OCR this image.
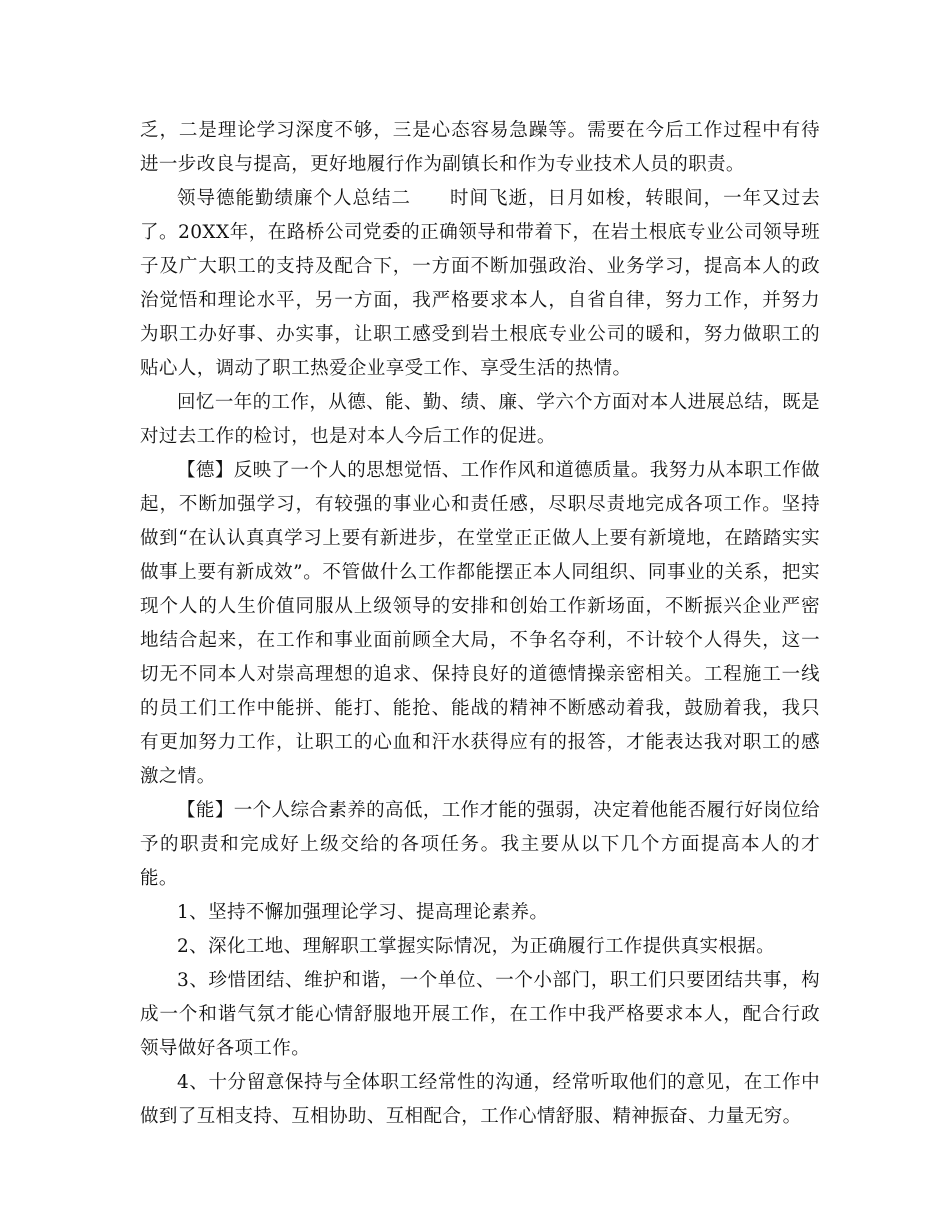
乏，二是理论学习深度不够，三是心态容易急躁等。需要在今后工作过程中有待进一步改良与提高，更好地履行作为副镇长和作为专业技术人员的职责。

领导德能勤绩廉个人总结二　　时间飞逝，日月如梭，转眼间，一年又过去了。20XX年，在路桥公司党委的正确领导和带着下，在岩土根底专业公司领导班子及广大职工的支持及配合下，一方面不断加强政治、业务学习，提高本人的政治觉悟和理论水平，另一方面，我严格要求本人，自省自律，努力工作，并努力为职工办好事、办实事，让职工感受到岩土根底专业公司的暖和，努力做职工的贴心人，调动了职工热爱企业享受工作、享受生活的热情。

回忆一年的工作，从德、能、勤、绩、廉、学六个方面对本人进展总结，既是对过去工作的检讨，也是对本人今后工作的促进。

【德】反映了一个人的思想觉悟、工作作风和道德质量。我努力从本职工作做起，不断加强学习，有较强的事业心和责任感，尽职尽责地完成各项工作。坚持做到“在认认真真学习上要有新进步，在堂堂正正做人上要有新境地，在踏踏实实做事上要有新成效”。不管做什么工作都能摆正本人同组织、同事业的关系，把实现个人的人生价值同服从上级领导的安排和创始工作新场面，不断振兴企业严密地结合起来，在工作和事业面前顾全大局，不争名夺利，不计较个人得失，这一切无不同本人对崇高理想的追求、保持良好的道德情操亲密相关。工程施工一线的员工们工作中能拼、能打、能抢、能战的精神不断感动着我，鼓励着我，我只有更加努力工作，让职工的心血和汗水获得应有的报答，才能表达我对职工的感激之情。

【能】一个人综合素养的高低，工作才能的强弱，决定着他能否履行好岗位给予的职责和完成好上级交给的各项任务。我主要从以下几个方面提高本人的才能。

1、坚持不懈加强理论学习、提高理论素养。

2、深化工地、理解职工掌握实际情况，为正确履行工作提供真实根据。

3、珍惜团结、维护和谐，一个单位、一个小部门，职工们只要团结共事，构成一个和谐气氛才能心情舒服地开展工作，在工作中我严格要求本人，配合行政领导做好各项工作。

4、十分留意保持与全体职工经常性的沟通，经常听取他们的意见，在工作中做到了互相支持、互相协助、互相配合，工作心情舒服、精神振奋、力量无穷。
